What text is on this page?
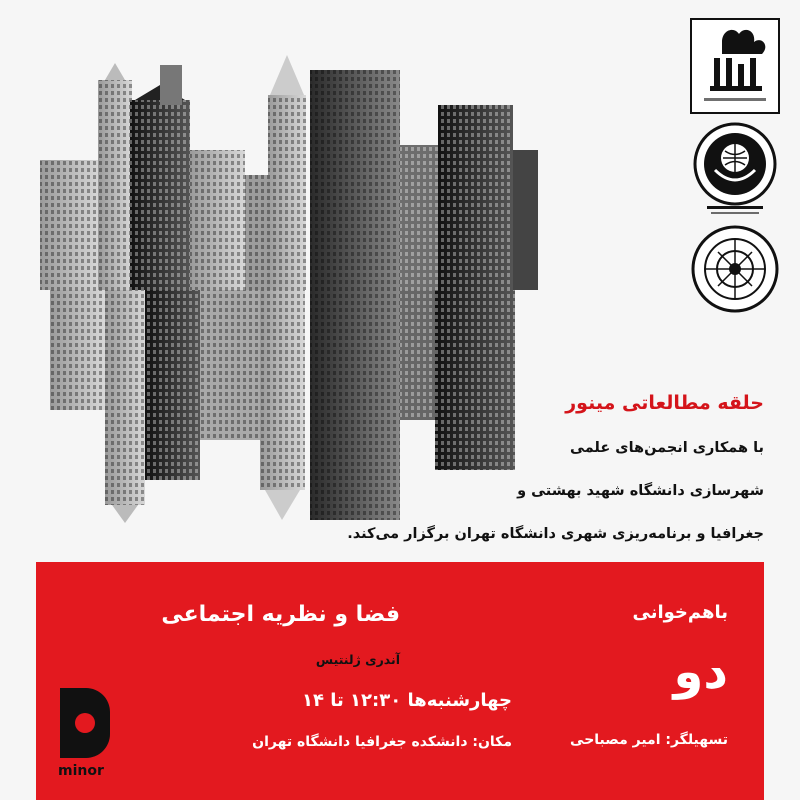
حلقه مطالعاتی مینور
با همکاری انجمن‌های علمی
شهرسازی دانشگاه شهید بهشتی و
جغرافیا و برنامه‌ریزی شهری دانشگاه تهران برگزار می‌کند.
باهم‌خوانی
دو
تسهیلگر: امیر مصباحی
فضا و نظریه اجتماعی
آندری ژلنتیس
چهارشنبه‌ها ۱۲:۳۰ تا ۱۴
مکان: دانشکده جغرافیا دانشگاه تهران
minor
